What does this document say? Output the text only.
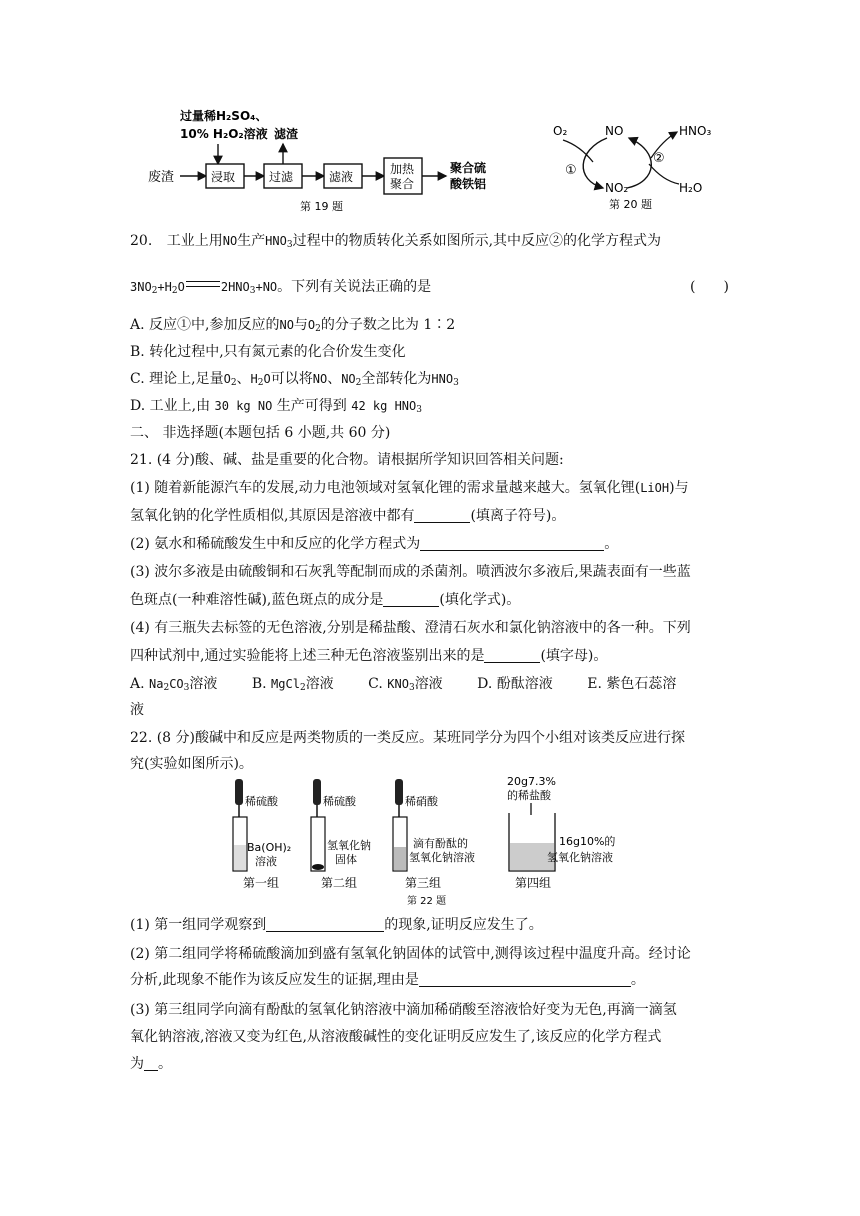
过量稀H₂SO₄、
10% H₂O₂溶液 滤渣
废渣	浸取	过滤	滤液
加热
聚合
聚合硫
酸铁铝
第 19 题
O₂	NO	HNO₃
①
②
NO₂	H₂O
第 20 题
20. 工业上用NO生产$HNO_3$过程中的物质转化关系如图所示,其中反应②的化学方程式为
$3NO_2+H_2O$	$2HNO_3+NO$。下列有关说法正确的是	(　　)
A. 反应①中,参加反应的NO与$O_2$的分子数之比为 1∶2
B. 转化过程中,只有氮元素的化合价发生变化
C. 理论上,足量$O_2$、$H_2O$可以将NO、$NO_2$全部转化为$HNO_3$
D. 工业上,由 30 kg NO 生产可得到 42 kg $HNO_3$
二、 非选择题(本题包括 6 小题,共 60 分)
21. (4 分)酸、碱、盐是重要的化合物。请根据所学知识回答相关问题:
(1) 随着新能源汽车的发展,动力电池领域对氢氧化锂的需求量越来越大。氢氧化锂(LiOH)与
氢氧化钠的化学性质相似,其原因是溶液中都有	(填离子符号)。
(2) 氨水和稀硫酸发生中和反应的化学方程式为	。
(3) 波尔多液是由硫酸铜和石灰乳等配制而成的杀菌剂。喷洒波尔多液后,果蔬表面有一些蓝
色斑点(一种难溶性碱),蓝色斑点的成分是	(填化学式)。
(4) 有三瓶失去标签的无色溶液,分别是稀盐酸、澄清石灰水和氯化钠溶液中的各一种。下列
四种试剂中,通过实验能将上述三种无色溶液鉴别出来的是	(填字母)。
A. $Na_2CO_3$溶液 B. MgCl$_2$溶液 C. $KNO_3$溶液 D. 酚酞溶液 E. 紫色石蕊溶
液
22. (8 分)酸碱中和反应是两类物质的一类反应。某班同学分为四个小组对该类反应进行探
究(实验如图所示)。
稀硫酸
Ba(OH)₂
溶液
第一组
稀硫酸
氢氧化钠
固体
第二组
稀硝酸
滴有酚酞的
氢氧化钠溶液
第三组
20g7.3%
的稀盐酸
16g10%的
氢氧化钠溶液
第四组
第 22 题
(1) 第一组同学观察到	的现象,证明反应发生了。
(2) 第二组同学将稀硫酸滴加到盛有氢氧化钠固体的试管中,测得该过程中温度升高。经讨论
分析,此现象不能作为该反应发生的证据,理由是	。
(3) 第三组同学向滴有酚酞的氢氧化钠溶液中滴加稀硝酸至溶液恰好变为无色,再滴一滴氢
氧化钠溶液,溶液又变为红色,从溶液酸碱性的变化证明反应发生了,该反应的化学方程式
为 。
